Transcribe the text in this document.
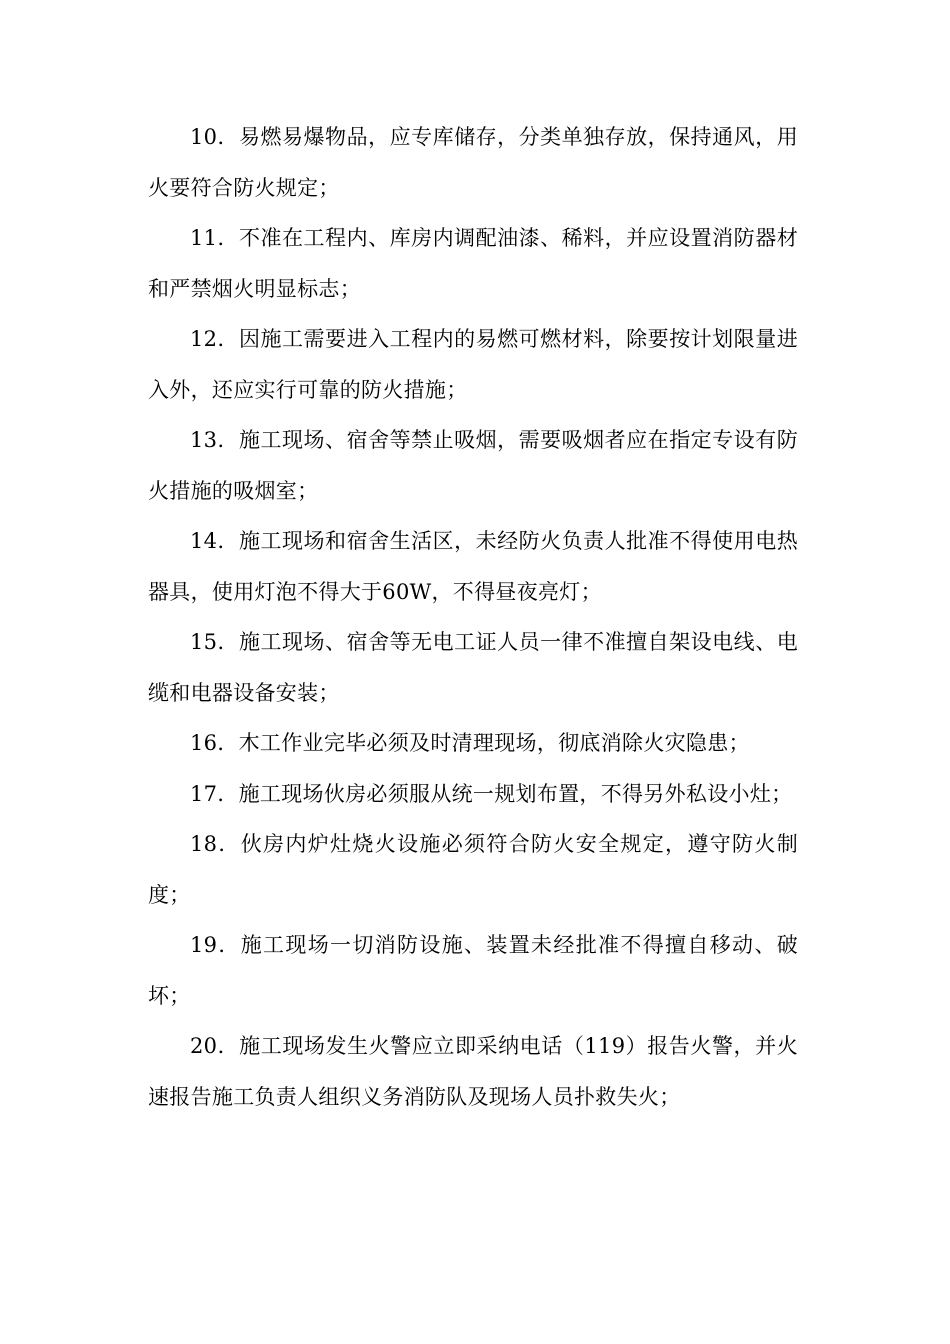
10．易燃易爆物品，应专库储存，分类单独存放，保持通风，用火要符合防火规定；

11．不准在工程内、库房内调配油漆、稀料，并应设置消防器材和严禁烟火明显标志；

12．因施工需要进入工程内的易燃可燃材料，除要按计划限量进入外，还应实行可靠的防火措施；

13．施工现场、宿舍等禁止吸烟，需要吸烟者应在指定专设有防火措施的吸烟室；

14．施工现场和宿舍生活区，未经防火负责人批准不得使用电热器具，使用灯泡不得大于60W，不得昼夜亮灯；

15．施工现场、宿舍等无电工证人员一律不准擅自架设电线、电缆和电器设备安装；

16．木工作业完毕必须及时清理现场，彻底消除火灾隐患；

17．施工现场伙房必须服从统一规划布置，不得另外私设小灶；

18．伙房内炉灶烧火设施必须符合防火安全规定，遵守防火制度；

19．施工现场一切消防设施、装置未经批准不得擅自移动、破坏；

20．施工现场发生火警应立即采纳电话（119）报告火警，并火速报告施工负责人组织义务消防队及现场人员扑救失火；
